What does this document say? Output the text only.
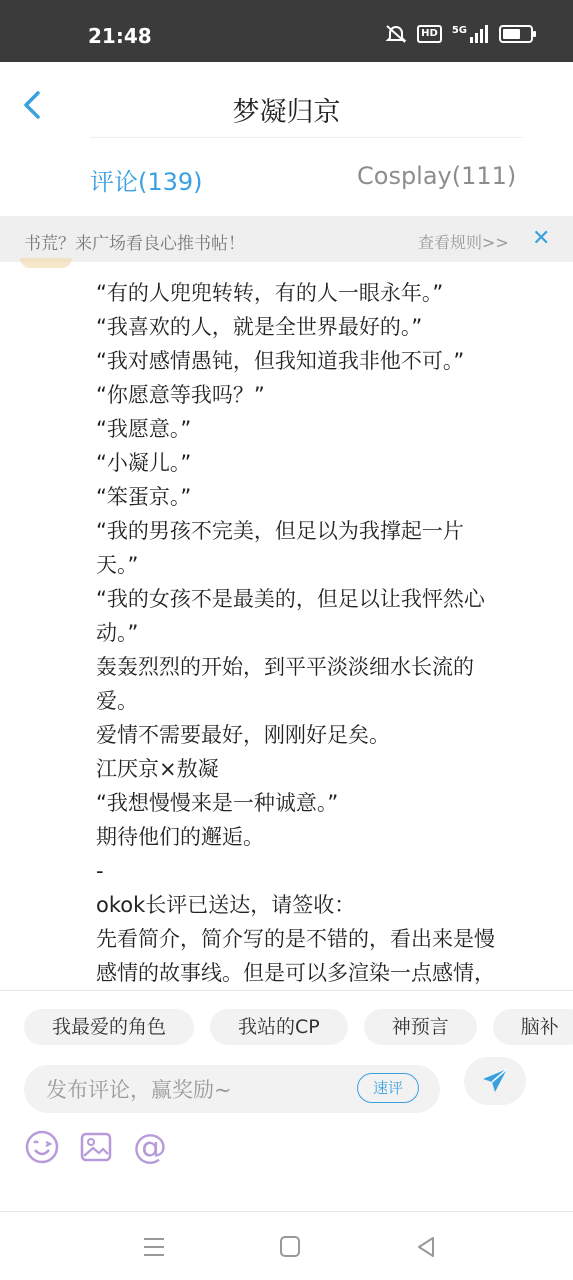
21:48	HD	5G
梦凝归京
评论(139)	Cosplay(111)
书荒？来广场看良心推书帖！	查看规则>> ✕
“有的人兜兜转转，有的人一眼永年。”
“我喜欢的人，就是全世界最好的。”
“我对感情愚钝，但我知道我非他不可。”
“你愿意等我吗？”
“我愿意。”
“小凝儿。”
“笨蛋京。”
“我的男孩不完美，但足以为我撑起一片
天。”
“我的女孩不是最美的，但足以让我怦然心
动。”
轰轰烈烈的开始，到平平淡淡细水长流的
爱。
爱情不需要最好，刚刚好足矣。
江厌京×敖凝
“我想慢慢来是一种诚意。”
期待他们的邂逅。
-
okok长评已送达，请签收：
先看简介，简介写的是不错的，看出来是慢
感情的故事线。但是可以多渲染一点感情，
我最爱的角色	我站的CP	神预言	脑补
发布评论，赢奖励~
速评
@
